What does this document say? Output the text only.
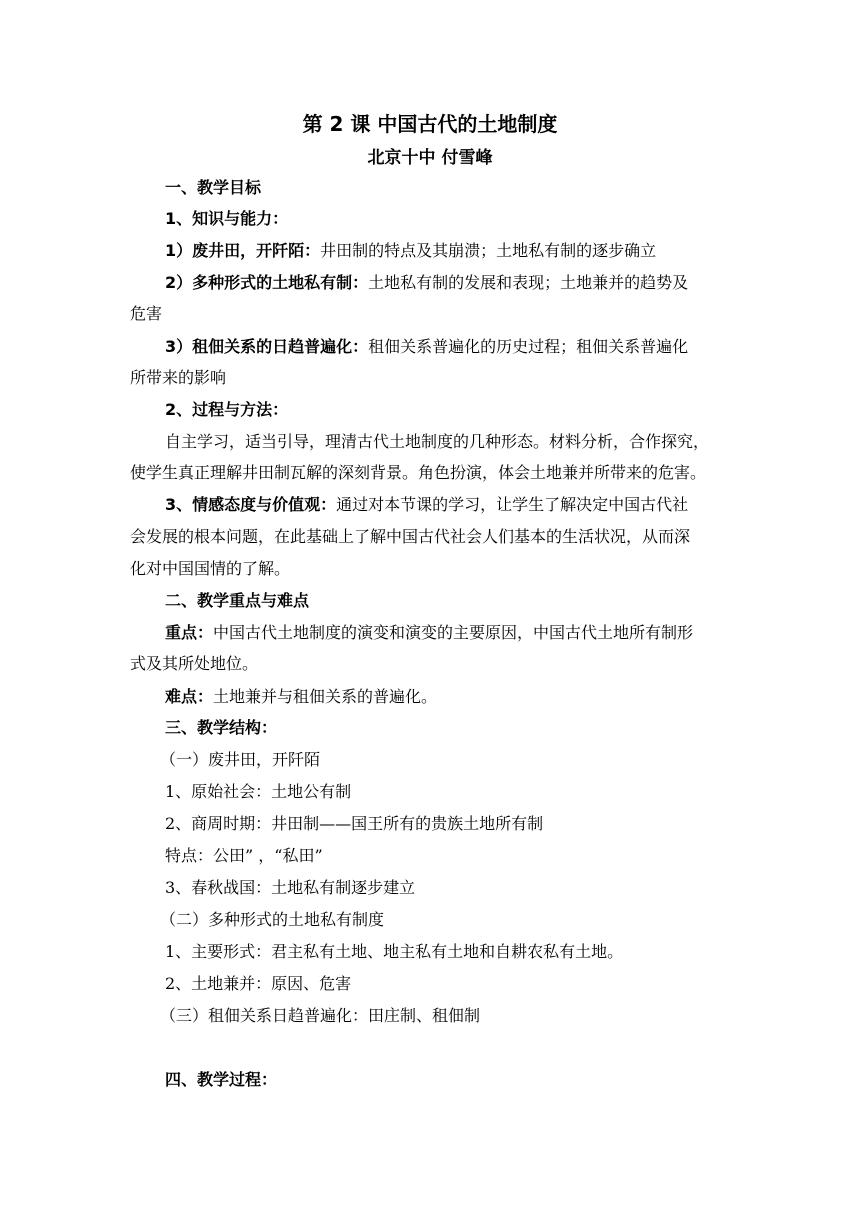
第 2 课 中国古代的土地制度
北京十中 付雪峰
一、教学目标
1、知识与能力：
1）废井田，开阡陌：井田制的特点及其崩溃；土地私有制的逐步确立
2）多种形式的土地私有制：土地私有制的发展和表现；土地兼并的趋势及
危害
3）租佃关系的日趋普遍化：租佃关系普遍化的历史过程；租佃关系普遍化
所带来的影响
2、过程与方法：
自主学习，适当引导，理清古代土地制度的几种形态。材料分析，合作探究，
使学生真正理解井田制瓦解的深刻背景。角色扮演，体会土地兼并所带来的危害。
3、情感态度与价值观：通过对本节课的学习，让学生了解决定中国古代社
会发展的根本问题，在此基础上了解中国古代社会人们基本的生活状况，从而深
化对中国国情的了解。
二、教学重点与难点
重点：中国古代土地制度的演变和演变的主要原因，中国古代土地所有制形
式及其所处地位。
难点：土地兼并与租佃关系的普遍化。
三、教学结构：
（一）废井田，开阡陌
1、原始社会：土地公有制
2、商周时期：井田制——国王所有的贵族土地所有制
特点：公田” ，“私田”
3、春秋战国：土地私有制逐步建立
（二）多种形式的土地私有制度
1、主要形式：君主私有土地、地主私有土地和自耕农私有土地。
2、土地兼并：原因、危害
（三）租佃关系日趋普遍化：田庄制、租佃制
四、教学过程：
